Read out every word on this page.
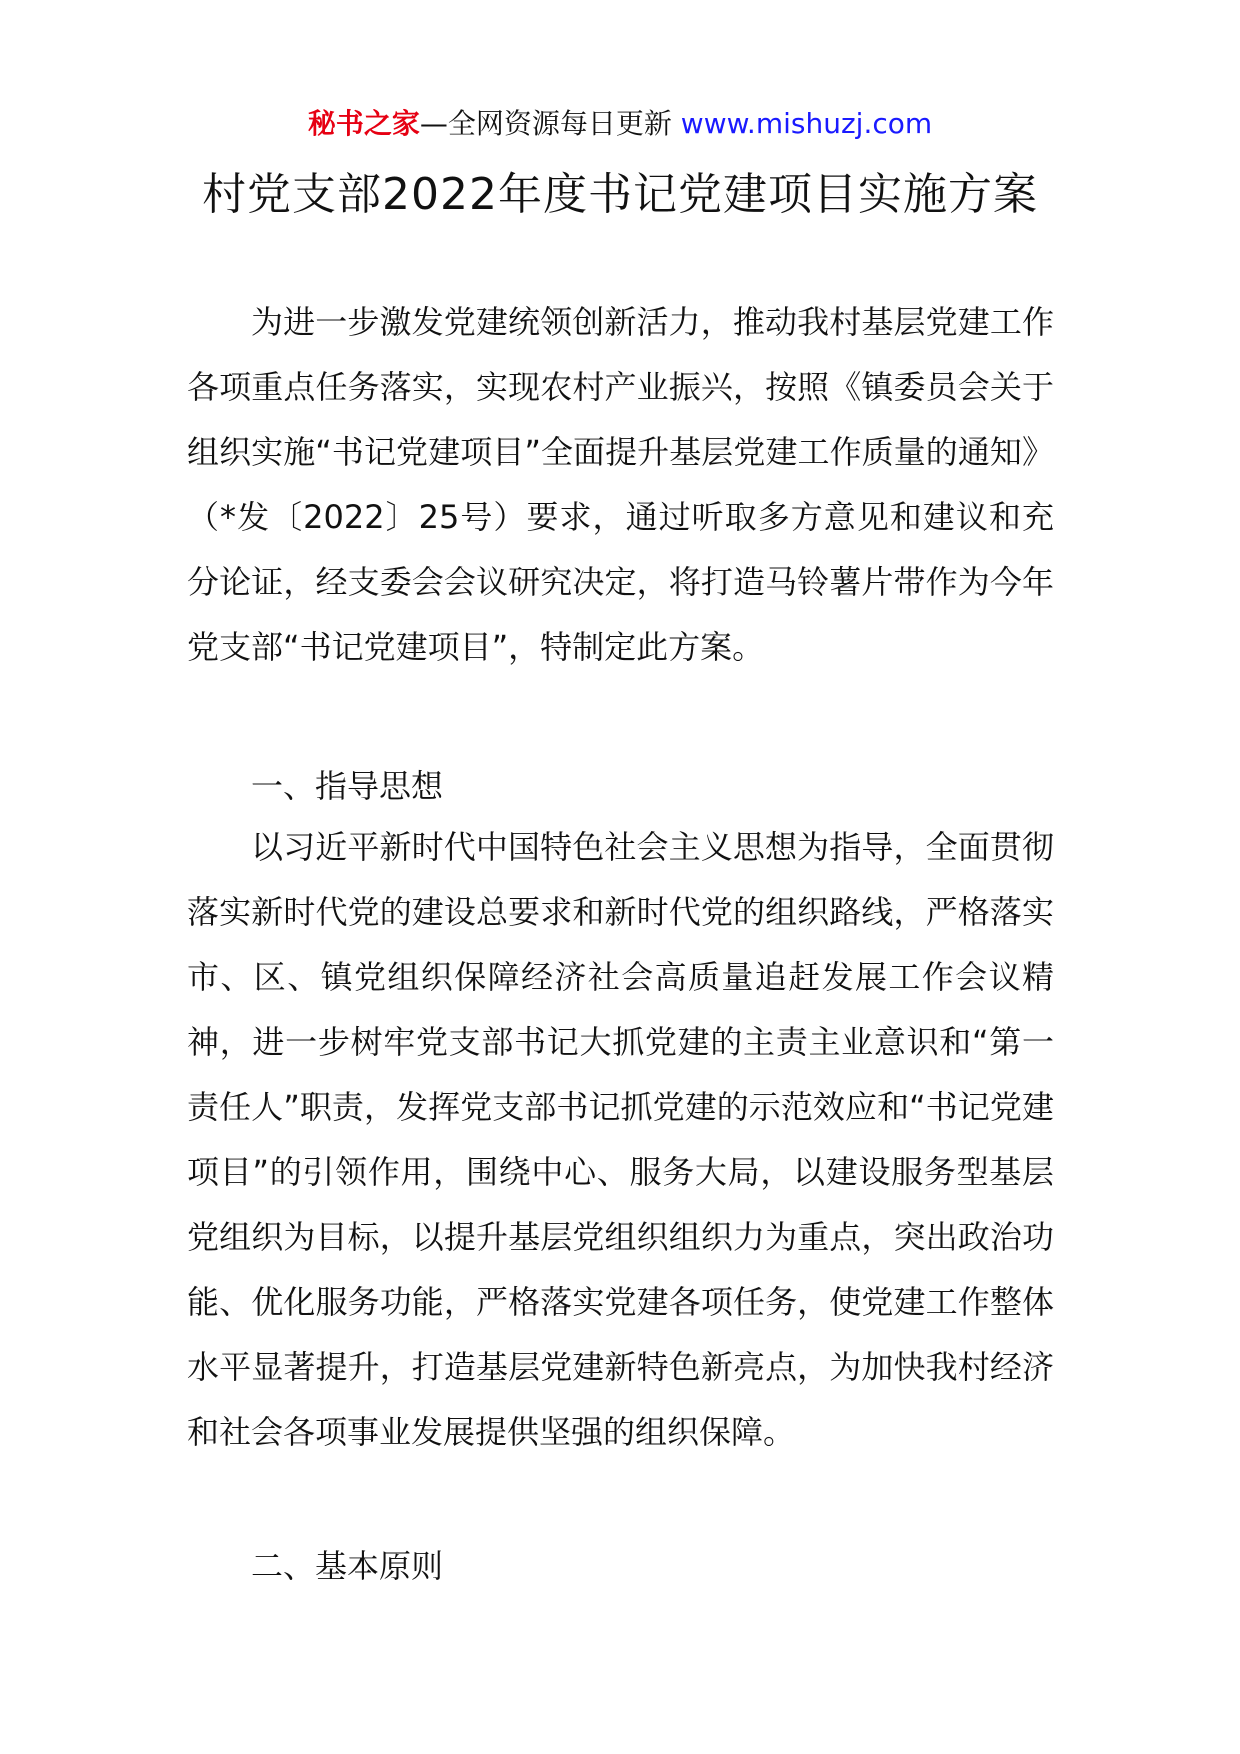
秘书之家—全网资源每日更新 www.mishuzj.com
村党支部2022年度书记党建项目实施方案

为进一步激发党建统领创新活力，推动我村基层党建工作各项重点任务落实，实现农村产业振兴，按照《镇委员会关于组织实施“书记党建项目”全面提升基层党建工作质量的通知》（*发〔2022〕25号）要求，通过听取多方意见和建议和充分论证，经支委会会议研究决定，将打造马铃薯片带作为今年党支部“书记党建项目”，特制定此方案。

一、指导思想

以习近平新时代中国特色社会主义思想为指导，全面贯彻落实新时代党的建设总要求和新时代党的组织路线，严格落实市、区、镇党组织保障经济社会高质量追赶发展工作会议精神，进一步树牢党支部书记大抓党建的主责主业意识和“第一责任人”职责，发挥党支部书记抓党建的示范效应和“书记党建项目”的引领作用，围绕中心、服务大局，以建设服务型基层党组织为目标，以提升基层党组织组织力为重点，突出政治功能、优化服务功能，严格落实党建各项任务，使党建工作整体水平显著提升，打造基层党建新特色新亮点，为加快我村经济和社会各项事业发展提供坚强的组织保障。

二、基本原则
